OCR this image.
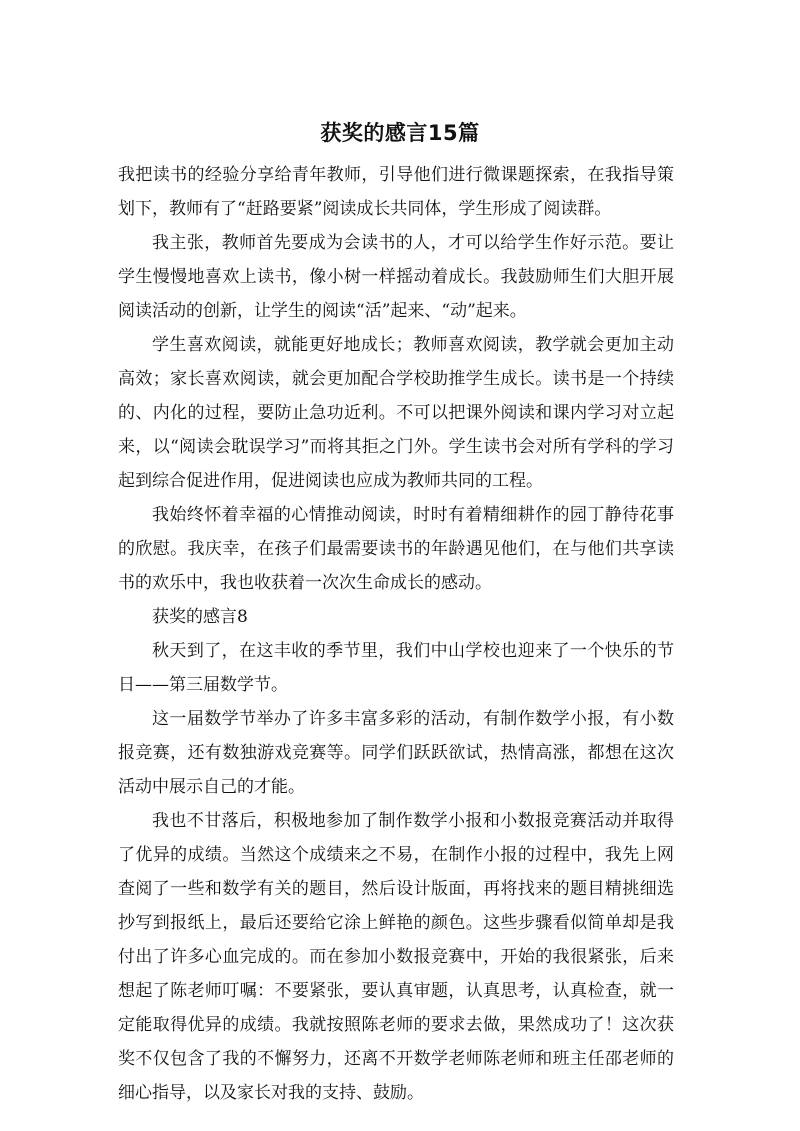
获奖的感言15篇

我把读书的经验分享给青年教师，引导他们进行微课题探索，在我指导策划下，教师有了“赶路要紧”阅读成长共同体，学生形成了阅读群。

我主张，教师首先要成为会读书的人，才可以给学生作好示范。要让学生慢慢地喜欢上读书，像小树一样摇动着成长。我鼓励师生们大胆开展阅读活动的创新，让学生的阅读“活”起来、“动”起来。

学生喜欢阅读，就能更好地成长；教师喜欢阅读，教学就会更加主动高效；家长喜欢阅读，就会更加配合学校助推学生成长。读书是一个持续的、内化的过程，要防止急功近利。不可以把课外阅读和课内学习对立起来，以“阅读会耽误学习”而将其拒之门外。学生读书会对所有学科的学习起到综合促进作用，促进阅读也应成为教师共同的工程。

我始终怀着幸福的心情推动阅读，时时有着精细耕作的园丁静待花事的欣慰。我庆幸，在孩子们最需要读书的年龄遇见他们，在与他们共享读书的欢乐中，我也收获着一次次生命成长的感动。

获奖的感言8

秋天到了，在这丰收的季节里，我们中山学校也迎来了一个快乐的节日——第三届数学节。

这一届数学节举办了许多丰富多彩的活动，有制作数学小报，有小数报竞赛，还有数独游戏竞赛等。同学们跃跃欲试，热情高涨，都想在这次活动中展示自己的才能。

我也不甘落后，积极地参加了制作数学小报和小数报竞赛活动并取得了优异的成绩。当然这个成绩来之不易，在制作小报的过程中，我先上网查阅了一些和数学有关的题目，然后设计版面，再将找来的题目精挑细选抄写到报纸上，最后还要给它涂上鲜艳的颜色。这些步骤看似简单却是我付出了许多心血完成的。而在参加小数报竞赛中，开始的我很紧张，后来想起了陈老师叮嘱：不要紧张，要认真审题，认真思考，认真检查，就一定能取得优异的成绩。我就按照陈老师的要求去做，果然成功了！这次获奖不仅包含了我的不懈努力，还离不开数学老师陈老师和班主任邵老师的细心指导，以及家长对我的支持、鼓励。
